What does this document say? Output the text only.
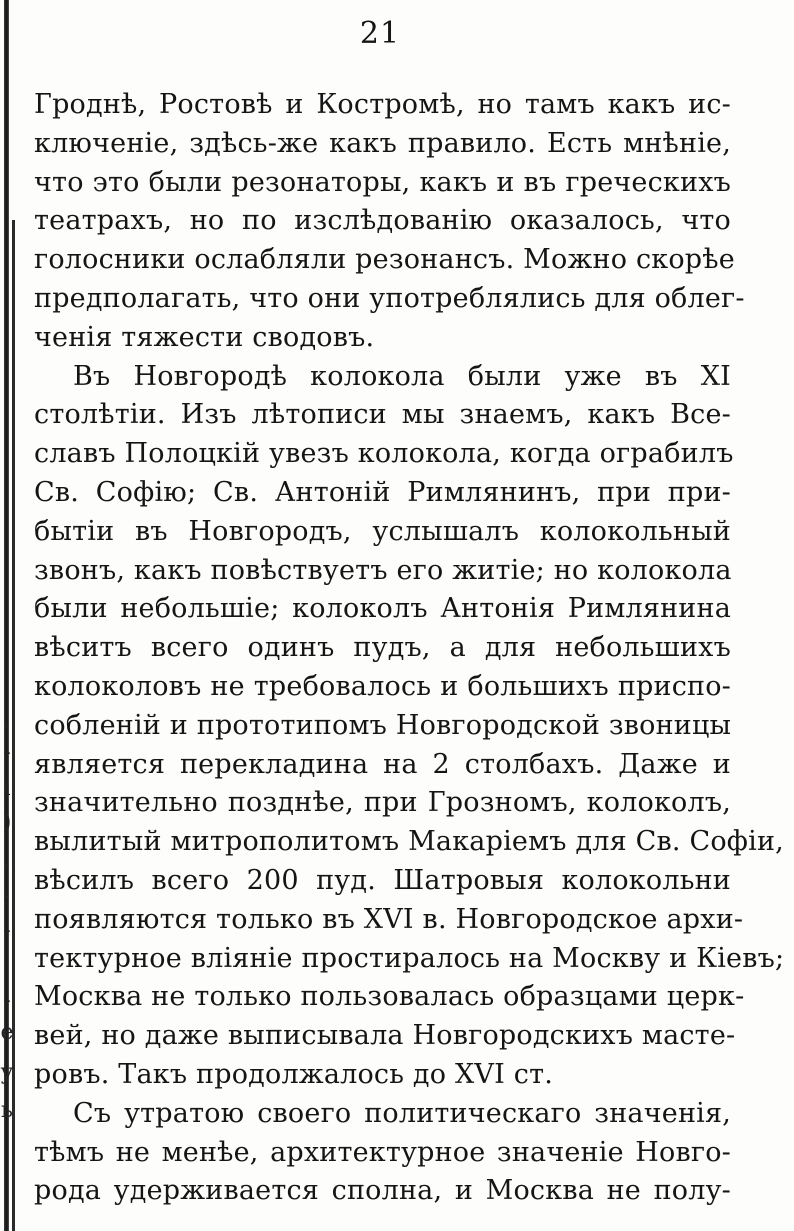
.
-
ı
)
.
,
-
-
е
у
ь
21
Гроднѣ, Ростовѣ и Костромѣ, но тамъ какъ ис-
ключеніе, здѣсь-же какъ правило. Есть мнѣніе,
что это были резонаторы, какъ и въ греческихъ
театрахъ, но по изслѣдованію оказалось, что
голосники ослабляли резонансъ. Можно скорѣе
предполагать, что они употреблялись для облег-
ченія тяжести сводовъ.
Въ Новгородѣ колокола были уже въ XI
столѣтіи. Изъ лѣтописи мы знаемъ, какъ Все-
славъ Полоцкій увезъ колокола, когда ограбилъ
Св. Софію; Св. Антоній Римлянинъ, при при-
бытіи въ Новгородъ, услышалъ колокольный
звонъ, какъ повѣствуетъ его житіе; но колокола
были небольшіе; колоколъ Антонія Римлянина
вѣситъ всего одинъ пудъ, а для небольшихъ
колоколовъ не требовалось и большихъ приспо-
собленій и прототипомъ Новгородской звоницы
является перекладина на 2 столбахъ. Даже и
значительно позднѣе, при Грозномъ, колоколъ,
вылитый митрополитомъ Макаріемъ для Св. Софіи,
вѣсилъ всего 200 пуд. Шатровыя колокольни
появляются только въ XVI в. Новгородское архи-
тектурное вліяніе простиралось на Москву и Кіевъ;
Москва не только пользовалась образцами церк-
вей, но даже выписывала Новгородскихъ масте-
ровъ. Такъ продолжалось до XVI ст.
Съ утратою своего политическаго значенія,
тѣмъ не менѣе, архитектурное значеніе Новго-
рода удерживается сполна, и Москва не полу-
